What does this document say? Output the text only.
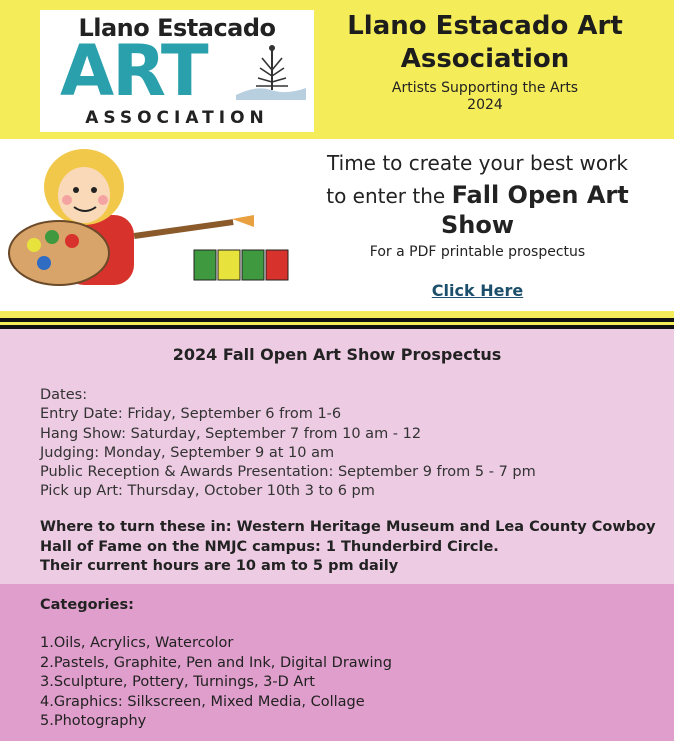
Llano Estacado
ART
ASSOCIATION
Llano Estacado Art
Association
Artists Supporting the Arts
2024
Time to create your best work
to enter the Fall Open Art
Show
For a PDF printable prospectus
Click Here
2024 Fall Open Art Show Prospectus
Dates:
Entry Date: Friday, September 6 from 1-6
Hang Show: Saturday, September 7 from 10 am - 12
Judging: Monday, September 9 at 10 am
Public Reception & Awards Presentation: September 9 from 5 - 7 pm
Pick up Art: Thursday, October 10th 3 to 6 pm
Where to turn these in: Western Heritage Museum and Lea County Cowboy
Hall of Fame on the NMJC campus: 1 Thunderbird Circle.
Their current hours are 10 am to 5 pm daily
Categories:
1.Oils, Acrylics, Watercolor
2.Pastels, Graphite, Pen and Ink, Digital Drawing
3.Sculpture, Pottery, Turnings, 3-D Art
4.Graphics: Silkscreen, Mixed Media, Collage
5.Photography
